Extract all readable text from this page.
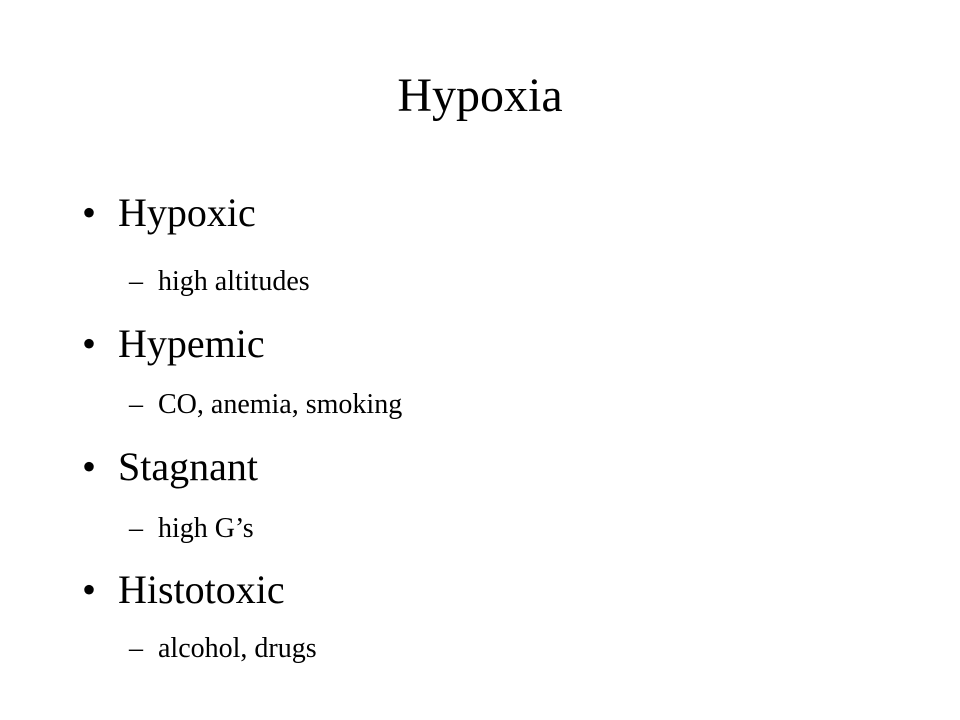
Hypoxia
• Hypoxic
– high altitudes
• Hypemic
– CO, anemia, smoking
• Stagnant
– high G’s
• Histotoxic
– alcohol, drugs
